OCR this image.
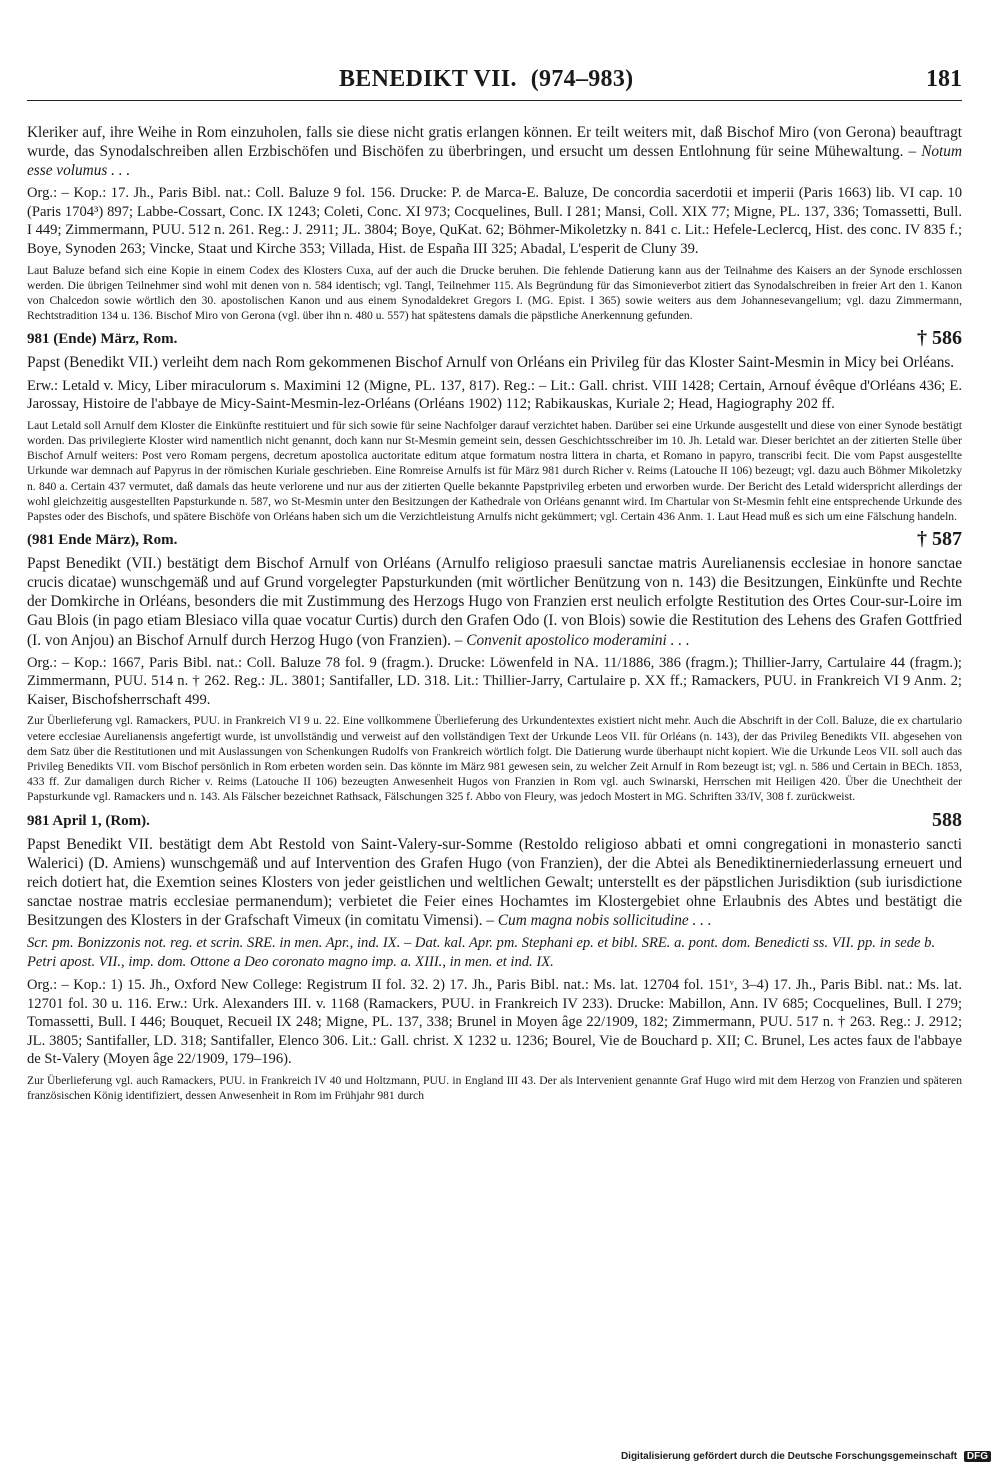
BENEDIKT VII. (974–983)	181

Kleriker auf, ihre Weihe in Rom einzuholen, falls sie diese nicht gratis erlangen können. Er teilt weiters mit, daß Bischof Miro (von Gerona) beauftragt wurde, das Synodalschreiben allen Erzbischöfen und Bischöfen zu überbringen, und ersucht um dessen Entlohnung für seine Mühewaltung. – Notum esse volumus . . .

Org.: – Kop.: 17. Jh., Paris Bibl. nat.: Coll. Baluze 9 fol. 156. Drucke: P. de Marca-E. Baluze, De concordia sacerdotii et imperii (Paris 1663) lib. VI cap. 10 (Paris 1704³) 897; Labbe-Cossart, Conc. IX 1243; Coleti, Conc. XI 973; Cocquelines, Bull. I 281; Mansi, Coll. XIX 77; Migne, PL. 137, 336; Tomassetti, Bull. I 449; Zimmermann, PUU. 512 n. 261. Reg.: J. 2911; JL. 3804; Boye, QuKat. 62; Böhmer-Mikoletzky n. 841 c. Lit.: Hefele-Leclercq, Hist. des conc. IV 835 f.; Boye, Synoden 263; Vincke, Staat und Kirche 353; Villada, Hist. de España III 325; Abadal, L'esperit de Cluny 39.

Laut Baluze befand sich eine Kopie in einem Codex des Klosters Cuxa, auf der auch die Drucke beruhen. Die fehlende Datierung kann aus der Teilnahme des Kaisers an der Synode erschlossen werden. Die übrigen Teilnehmer sind wohl mit denen von n. 584 identisch; vgl. Tangl, Teilnehmer 115. Als Begründung für das Simonieverbot zitiert das Synodalschreiben in freier Art den 1. Kanon von Chalcedon sowie wörtlich den 30. apostolischen Kanon und aus einem Synodaldekret Gregors I. (MG. Epist. I 365) sowie weiters aus dem Johannesevangelium; vgl. dazu Zimmermann, Rechtstradition 134 u. 136. Bischof Miro von Gerona (vgl. über ihn n. 480 u. 557) hat spätestens damals die päpstliche Anerkennung gefunden.

981 (Ende) März, Rom.	† 586

Papst (Benedikt VII.) verleiht dem nach Rom gekommenen Bischof Arnulf von Orléans ein Privileg für das Kloster Saint-Mesmin in Micy bei Orléans.

Erw.: Letald v. Micy, Liber miraculorum s. Maximini 12 (Migne, PL. 137, 817). Reg.: – Lit.: Gall. christ. VIII 1428; Certain, Arnouf évêque d'Orléans 436; E. Jarossay, Histoire de l'abbaye de Micy-Saint-Mesmin-lez-Orléans (Orléans 1902) 112; Rabikauskas, Kuriale 2; Head, Hagiography 202 ff.

Laut Letald soll Arnulf dem Kloster die Einkünfte restituiert und für sich sowie für seine Nachfolger darauf verzichtet haben. Darüber sei eine Urkunde ausgestellt und diese von einer Synode bestätigt worden. Das privilegierte Kloster wird namentlich nicht genannt, doch kann nur St-Mesmin gemeint sein, dessen Geschichtsschreiber im 10. Jh. Letald war. Dieser berichtet an der zitierten Stelle über Bischof Arnulf weiters: Post vero Romam pergens, decretum apostolica auctoritate editum atque formatum nostra littera in charta, et Romano in papyro, transcribi fecit. Die vom Papst ausgestellte Urkunde war demnach auf Papyrus in der römischen Kuriale geschrieben. Eine Romreise Arnulfs ist für März 981 durch Richer v. Reims (Latouche II 106) bezeugt; vgl. dazu auch Böhmer Mikoletzky n. 840 a. Certain 437 vermutet, daß damals das heute verlorene und nur aus der zitierten Quelle bekannte Papstprivileg erbeten und erworben wurde. Der Bericht des Letald widerspricht allerdings der wohl gleichzeitig ausgestellten Papsturkunde n. 587, wo St-Mesmin unter den Besitzungen der Kathedrale von Orléans genannt wird. Im Chartular von St-Mesmin fehlt eine entsprechende Urkunde des Papstes oder des Bischofs, und spätere Bischöfe von Orléans haben sich um die Verzichtleistung Arnulfs nicht gekümmert; vgl. Certain 436 Anm. 1. Laut Head muß es sich um eine Fälschung handeln.

(981 Ende März), Rom.	† 587

Papst Benedikt (VII.) bestätigt dem Bischof Arnulf von Orléans (Arnulfo religioso praesuli sanctae matris Aurelianensis ecclesiae in honore sanctae crucis dicatae) wunschgemäß und auf Grund vorgelegter Papsturkunden (mit wörtlicher Benützung von n. 143) die Besitzungen, Einkünfte und Rechte der Domkirche in Orléans, besonders die mit Zustimmung des Herzogs Hugo von Franzien erst neulich erfolgte Restitution des Ortes Cour-sur-Loire im Gau Blois (in pago etiam Blesiaco villa quae vocatur Curtis) durch den Grafen Odo (I. von Blois) sowie die Restitution des Lehens des Grafen Gottfried (I. von Anjou) an Bischof Arnulf durch Herzog Hugo (von Franzien). – Convenit apostolico moderamini . . .

Org.: – Kop.: 1667, Paris Bibl. nat.: Coll. Baluze 78 fol. 9 (fragm.). Drucke: Löwenfeld in NA. 11/1886, 386 (fragm.); Thillier-Jarry, Cartulaire 44 (fragm.); Zimmermann, PUU. 514 n. † 262. Reg.: JL. 3801; Santifaller, LD. 318. Lit.: Thillier-Jarry, Cartulaire p. XX ff.; Ramackers, PUU. in Frankreich VI 9 Anm. 2; Kaiser, Bischofsherrschaft 499.

Zur Überlieferung vgl. Ramackers, PUU. in Frankreich VI 9 u. 22. Eine vollkommene Überlieferung des Urkundentextes existiert nicht mehr. Auch die Abschrift in der Coll. Baluze, die ex chartulario vetere ecclesiae Aurelianensis angefertigt wurde, ist unvollständig und verweist auf den vollständigen Text der Urkunde Leos VII. für Orléans (n. 143), der das Privileg Benedikts VII. abgesehen von dem Satz über die Restitutionen und mit Auslassungen von Schenkungen Rudolfs von Frankreich wörtlich folgt. Die Datierung wurde überhaupt nicht kopiert. Wie die Urkunde Leos VII. soll auch das Privileg Benedikts VII. vom Bischof persönlich in Rom erbeten worden sein. Das könnte im März 981 gewesen sein, zu welcher Zeit Arnulf in Rom bezeugt ist; vgl. n. 586 und Certain in BECh. 1853, 433 ff. Zur damaligen durch Richer v. Reims (Latouche II 106) bezeugten Anwesenheit Hugos von Franzien in Rom vgl. auch Swinarski, Herrschen mit Heiligen 420. Über die Unechtheit der Papsturkunde vgl. Ramackers und n. 143. Als Fälscher bezeichnet Rathsack, Fälschungen 325 f. Abbo von Fleury, was jedoch Mostert in MG. Schriften 33/IV, 308 f. zurückweist.

981 April 1, (Rom).	588

Papst Benedikt VII. bestätigt dem Abt Restold von Saint-Valery-sur-Somme (Restoldo religioso abbati et omni congregationi in monasterio sancti Walerici) (D. Amiens) wunschgemäß und auf Intervention des Grafen Hugo (von Franzien), der die Abtei als Benediktinerniederlassung erneuert und reich dotiert hat, die Exemtion seines Klosters von jeder geistlichen und weltlichen Gewalt; unterstellt es der päpstlichen Jurisdiktion (sub iurisdictione sanctae nostrae matris ecclesiae permanendum); verbietet die Feier eines Hochamtes im Klostergebiet ohne Erlaubnis des Abtes und bestätigt die Besitzungen des Klosters in der Grafschaft Vimeux (in comitatu Vimensi). – Cum magna nobis sollicitudine . . .

Scr. pm. Bonizzonis not. reg. et scrin. SRE. in men. Apr., ind. IX. – Dat. kal. Apr. pm. Stephani ep. et bibl. SRE. a. pont. dom. Benedicti ss. VII. pp. in sede b. Petri apost. VII., imp. dom. Ottone a Deo coronato magno imp. a. XIII., in men. et ind. IX.

Org.: – Kop.: 1) 15. Jh., Oxford New College: Registrum II fol. 32. 2) 17. Jh., Paris Bibl. nat.: Ms. lat. 12704 fol. 151ᵛ, 3–4) 17. Jh., Paris Bibl. nat.: Ms. lat. 12701 fol. 30 u. 116. Erw.: Urk. Alexanders III. v. 1168 (Ramackers, PUU. in Frankreich IV 233). Drucke: Mabillon, Ann. IV 685; Cocquelines, Bull. I 279; Tomassetti, Bull. I 446; Bouquet, Recueil IX 248; Migne, PL. 137, 338; Brunel in Moyen âge 22/1909, 182; Zimmermann, PUU. 517 n. † 263. Reg.: J. 2912; JL. 3805; Santifaller, LD. 318; Santifaller, Elenco 306. Lit.: Gall. christ. X 1232 u. 1236; Bourel, Vie de Bouchard p. XII; C. Brunel, Les actes faux de l'abbaye de St-Valery (Moyen âge 22/1909, 179–196).

Zur Überlieferung vgl. auch Ramackers, PUU. in Frankreich IV 40 und Holtzmann, PUU. in England III 43. Der als Intervenient genannte Graf Hugo wird mit dem Herzog von Franzien und späteren französischen König identifiziert, dessen Anwesenheit in Rom im Frühjahr 981 durch

Digitalisierung gefördert durch die Deutsche Forschungsgemeinschaft DFG
